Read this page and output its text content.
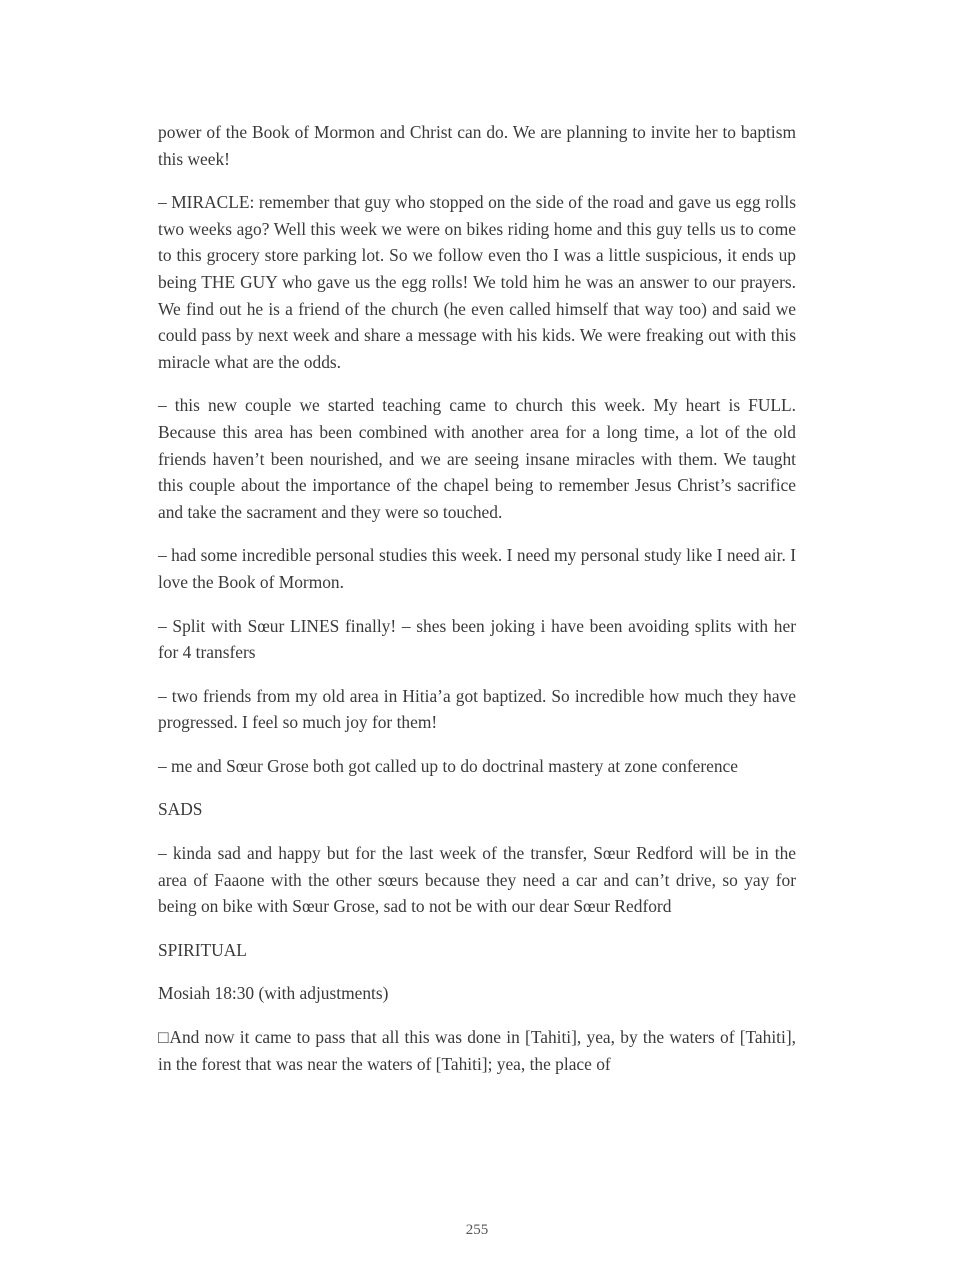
power of the Book of Mormon and Christ can do. We are planning to invite her to baptism this week!

– MIRACLE: remember that guy who stopped on the side of the road and gave us egg rolls two weeks ago? Well this week we were on bikes riding home and this guy tells us to come to this grocery store parking lot. So we follow even tho I was a little suspicious, it ends up being THE GUY who gave us the egg rolls! We told him he was an answer to our prayers. We find out he is a friend of the church (he even called himself that way too) and said we could pass by next week and share a message with his kids. We were freaking out with this miracle what are the odds.

– this new couple we started teaching came to church this week. My heart is FULL. Because this area has been combined with another area for a long time, a lot of the old friends haven’t been nourished, and we are seeing insane miracles with them. We taught this couple about the importance of the chapel being to remember Jesus Christ’s sacrifice and take the sacrament and they were so touched.

– had some incredible personal studies this week. I need my personal study like I need air. I love the Book of Mormon.

– Split with Sœur LINES finally! – shes been joking i have been avoiding splits with her for 4 transfers

– two friends from my old area in Hitia’a got baptized. So incredible how much they have progressed. I feel so much joy for them!

– me and Sœur Grose both got called up to do doctrinal mastery at zone conference

SADS

– kinda sad and happy but for the last week of the transfer, Sœur Redford will be in the area of Faaone with the other sœurs because they need a car and can’t drive, so yay for being on bike with Sœur Grose, sad to not be with our dear Sœur Redford

SPIRITUAL

Mosiah 18:30 (with adjustments)

□And now it came to pass that all this was done in [Tahiti], yea, by the waters of [Tahiti], in the forest that was near the waters of [Tahiti]; yea, the place of

255
